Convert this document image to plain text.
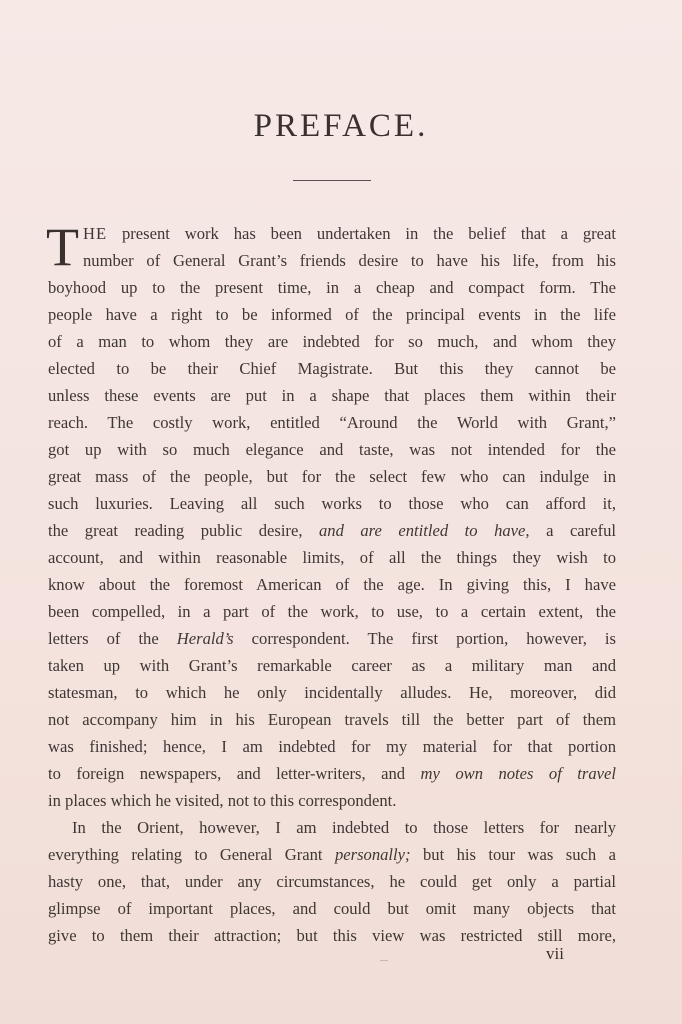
PREFACE.
T HE present work has been undertaken in the belief that a great
number of General Grant’s friends desire to have his life, from his
boyhood up to the present time, in a cheap and compact form. The
people have a right to be informed of the principal events in the life
of a man to whom they are indebted for so much, and whom they
elected to be their Chief Magistrate. But this they cannot be
unless these events are put in a shape that places them within their
reach. The costly work, entitled “Around the World with Grant,”
got up with so much elegance and taste, was not intended for the
great mass of the people, but for the select few who can indulge in
such luxuries. Leaving all such works to those who can afford it,
the great reading public desire, and are entitled to have, a careful
account, and within reasonable limits, of all the things they wish to
know about the foremost American of the age. In giving this, I have
been compelled, in a part of the work, to use, to a certain extent, the
letters of the Herald’s correspondent. The first portion, however, is
taken up with Grant’s remarkable career as a military man and
statesman, to which he only incidentally alludes. He, moreover, did
not accompany him in his European travels till the better part of them
was finished; hence, I am indebted for my material for that portion
to foreign newspapers, and letter-writers, and my own notes of travel
in places which he visited, not to this correspondent.
In the Orient, however, I am indebted to those letters for nearly
everything relating to General Grant personally; but his tour was such a
hasty one, that, under any circumstances, he could get only a partial
glimpse of important places, and could but omit many objects that
give to them their attraction; but this view was restricted still more,
vii
